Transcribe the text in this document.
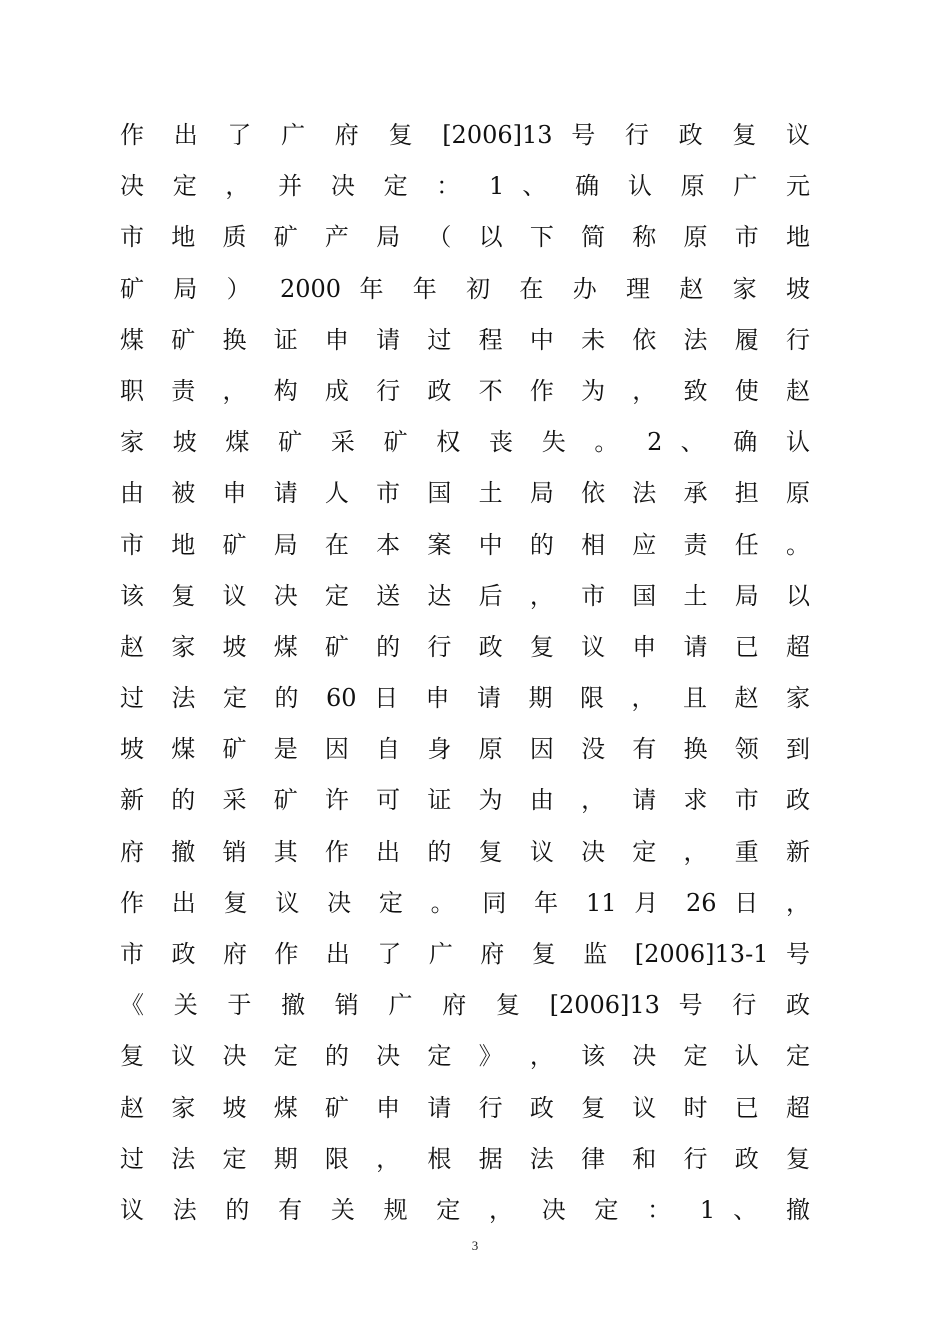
作 出 了 广 府 复 [2006]13 号 行 政 复 议
决 定 ， 并 决 定 ： 1 、 确 认 原 广 元
市 地 质 矿 产 局 （ 以 下 简 称 原 市 地
矿 局 ） 2000 年 年 初 在 办 理 赵 家 坡
煤 矿 换 证 申 请 过 程 中 未 依 法 履 行
职 责 ， 构 成 行 政 不 作 为 ， 致 使 赵
家 坡 煤 矿 采 矿 权 丧 失 。 2 、 确 认
由 被 申 请 人 市 国 土 局 依 法 承 担 原
市 地 矿 局 在 本 案 中 的 相 应 责 任 。
该 复 议 决 定 送 达 后 ， 市 国 土 局 以
赵 家 坡 煤 矿 的 行 政 复 议 申 请 已 超
过 法 定 的 60 日 申 请 期 限 ， 且 赵 家
坡 煤 矿 是 因 自 身 原 因 没 有 换 领 到
新 的 采 矿 许 可 证 为 由 ， 请 求 市 政
府 撤 销 其 作 出 的 复 议 决 定 ， 重 新
作 出 复 议 决 定 。 同 年 11 月 26 日 ，
市 政 府 作 出 了 广 府 复 监 [2006]13-1 号
《 关 于 撤 销 广 府 复 [2006]13 号 行 政
复 议 决 定 的 决 定 》 ， 该 决 定 认 定
赵 家 坡 煤 矿 申 请 行 政 复 议 时 已 超
过 法 定 期 限 ， 根 据 法 律 和 行 政 复
议 法 的 有 关 规 定 ， 决 定 ： 1 、 撤
3
